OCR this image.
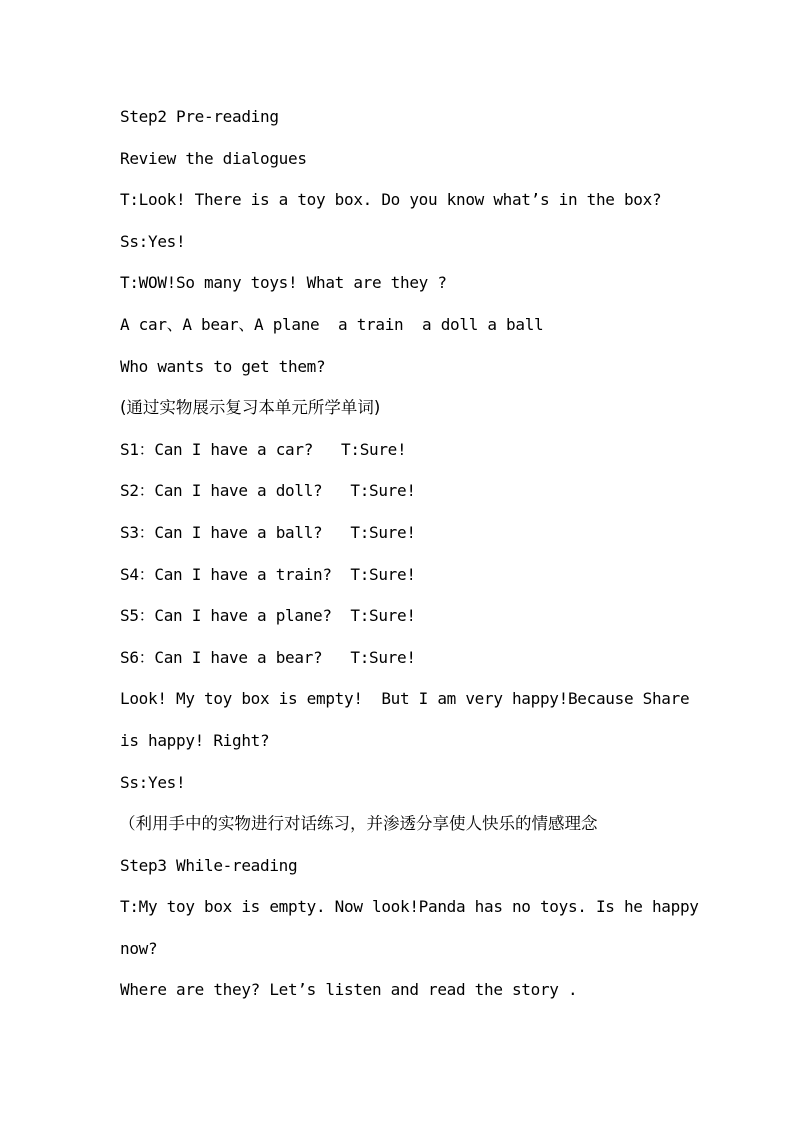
Step2 Pre-reading
Review the dialogues
T:Look! There is a toy box. Do you know what’s in the box?
Ss:Yes!
T:WOW!So many toys! What are they ?
A car、A bear、A plane  a train  a doll a ball
Who wants to get them?
(通过实物展示复习本单元所学单词)
S1：Can I have a car?   T:Sure!
S2：Can I have a doll?   T:Sure!
S3：Can I have a ball?   T:Sure!
S4：Can I have a train?  T:Sure!
S5：Can I have a plane?  T:Sure!
S6：Can I have a bear?   T:Sure!
Look! My toy box is empty!  But I am very happy!Because Share
is happy! Right?
Ss:Yes!
（利用手中的实物进行对话练习，并渗透分享使人快乐的情感理念
Step3 While-reading
T:My toy box is empty. Now look!Panda has no toys. Is he happy
now?
Where are they? Let’s listen and read the story .
